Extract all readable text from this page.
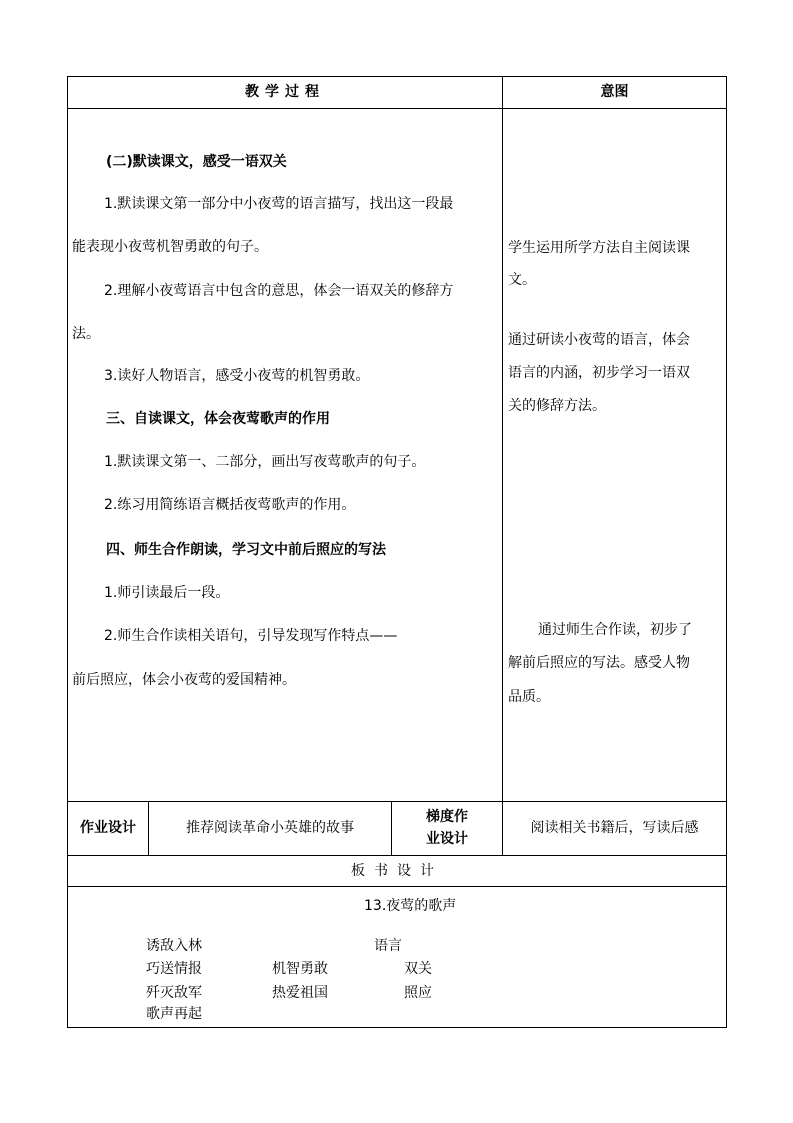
教学过程	意图
(二)默读课文，感受一语双关
1.默读课文第一部分中小夜莺的语言描写，找出这一段最
能表现小夜莺机智勇敢的句子。
2.理解小夜莺语言中包含的意思，体会一语双关的修辞方
法。
3.读好人物语言，感受小夜莺的机智勇敢。
三、自读课文，体会夜莺歌声的作用
1.默读课文第一、二部分，画出写夜莺歌声的句子。
2.练习用简练语言概括夜莺歌声的作用。
四、师生合作朗读，学习文中前后照应的写法
1.师引读最后一段。
2.师生合作读相关语句，引导发现写作特点——
前后照应，体会小夜莺的爱国精神。
学生运用所学方法自主阅读课
文。
通过研读小夜莺的语言，体会
语言的内涵，初步学习一语双
关的修辞方法。
通过师生合作读，初步了
解前后照应的写法。感受人物
品质。
作业设计	推荐阅读革命小英雄的故事
梯度作
业设计
阅读相关书籍后，写读后感
板书设计
13.夜莺的歌声
诱敌入林
巧送情报
歼灭敌军
歌声再起
机智勇敢
热爱祖国
语言
双关
照应
